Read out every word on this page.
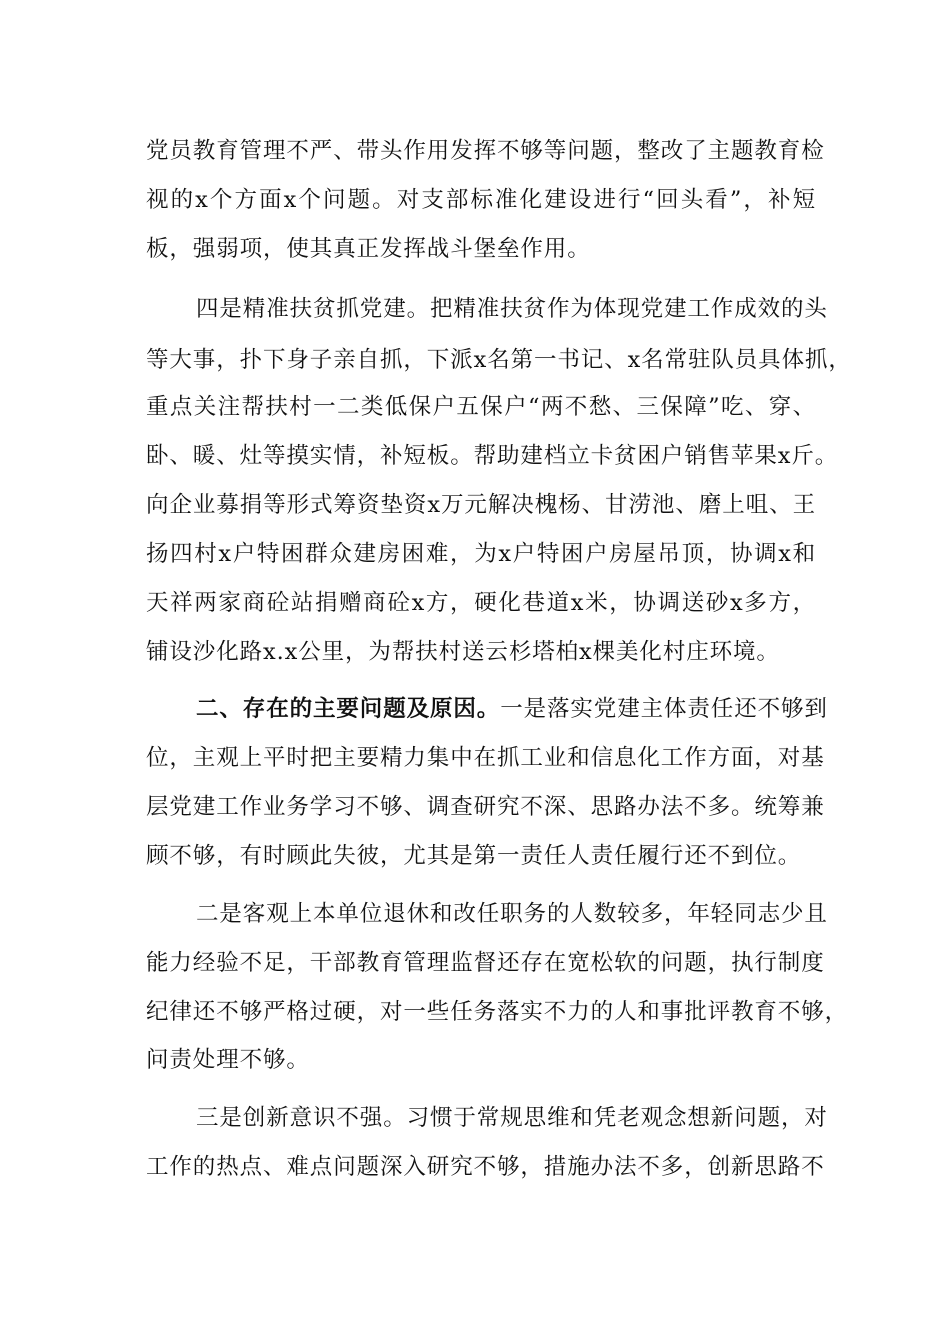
党员教育管理不严、带头作用发挥不够等问题，整改了主题教育检
视的x个方面x个问题。对支部标准化建设进行“回头看”，补短
板，强弱项，使其真正发挥战斗堡垒作用。
四是精准扶贫抓党建。把精准扶贫作为体现党建工作成效的头
等大事，扑下身子亲自抓，下派x名第一书记、x名常驻队员具体抓，
重点关注帮扶村一二类低保户五保户“两不愁、三保障”吃、穿、
卧、暖、灶等摸实情，补短板。帮助建档立卡贫困户销售苹果x斤。
向企业募捐等形式筹资垫资x万元解决槐杨、甘涝池、磨上咀、王
扬四村x户特困群众建房困难，为x户特困户房屋吊顶，协调x和
天祥两家商砼站捐赠商砼x方，硬化巷道x米，协调送砂x多方，
铺设沙化路x.x公里，为帮扶村送云杉塔柏x棵美化村庄环境。
二、存在的主要问题及原因。一是落实党建主体责任还不够到
位，主观上平时把主要精力集中在抓工业和信息化工作方面，对基
层党建工作业务学习不够、调查研究不深、思路办法不多。统筹兼
顾不够，有时顾此失彼，尤其是第一责任人责任履行还不到位。
二是客观上本单位退休和改任职务的人数较多，年轻同志少且
能力经验不足，干部教育管理监督还存在宽松软的问题，执行制度
纪律还不够严格过硬，对一些任务落实不力的人和事批评教育不够，
问责处理不够。
三是创新意识不强。习惯于常规思维和凭老观念想新问题，对
工作的热点、难点问题深入研究不够，措施办法不多，创新思路不
